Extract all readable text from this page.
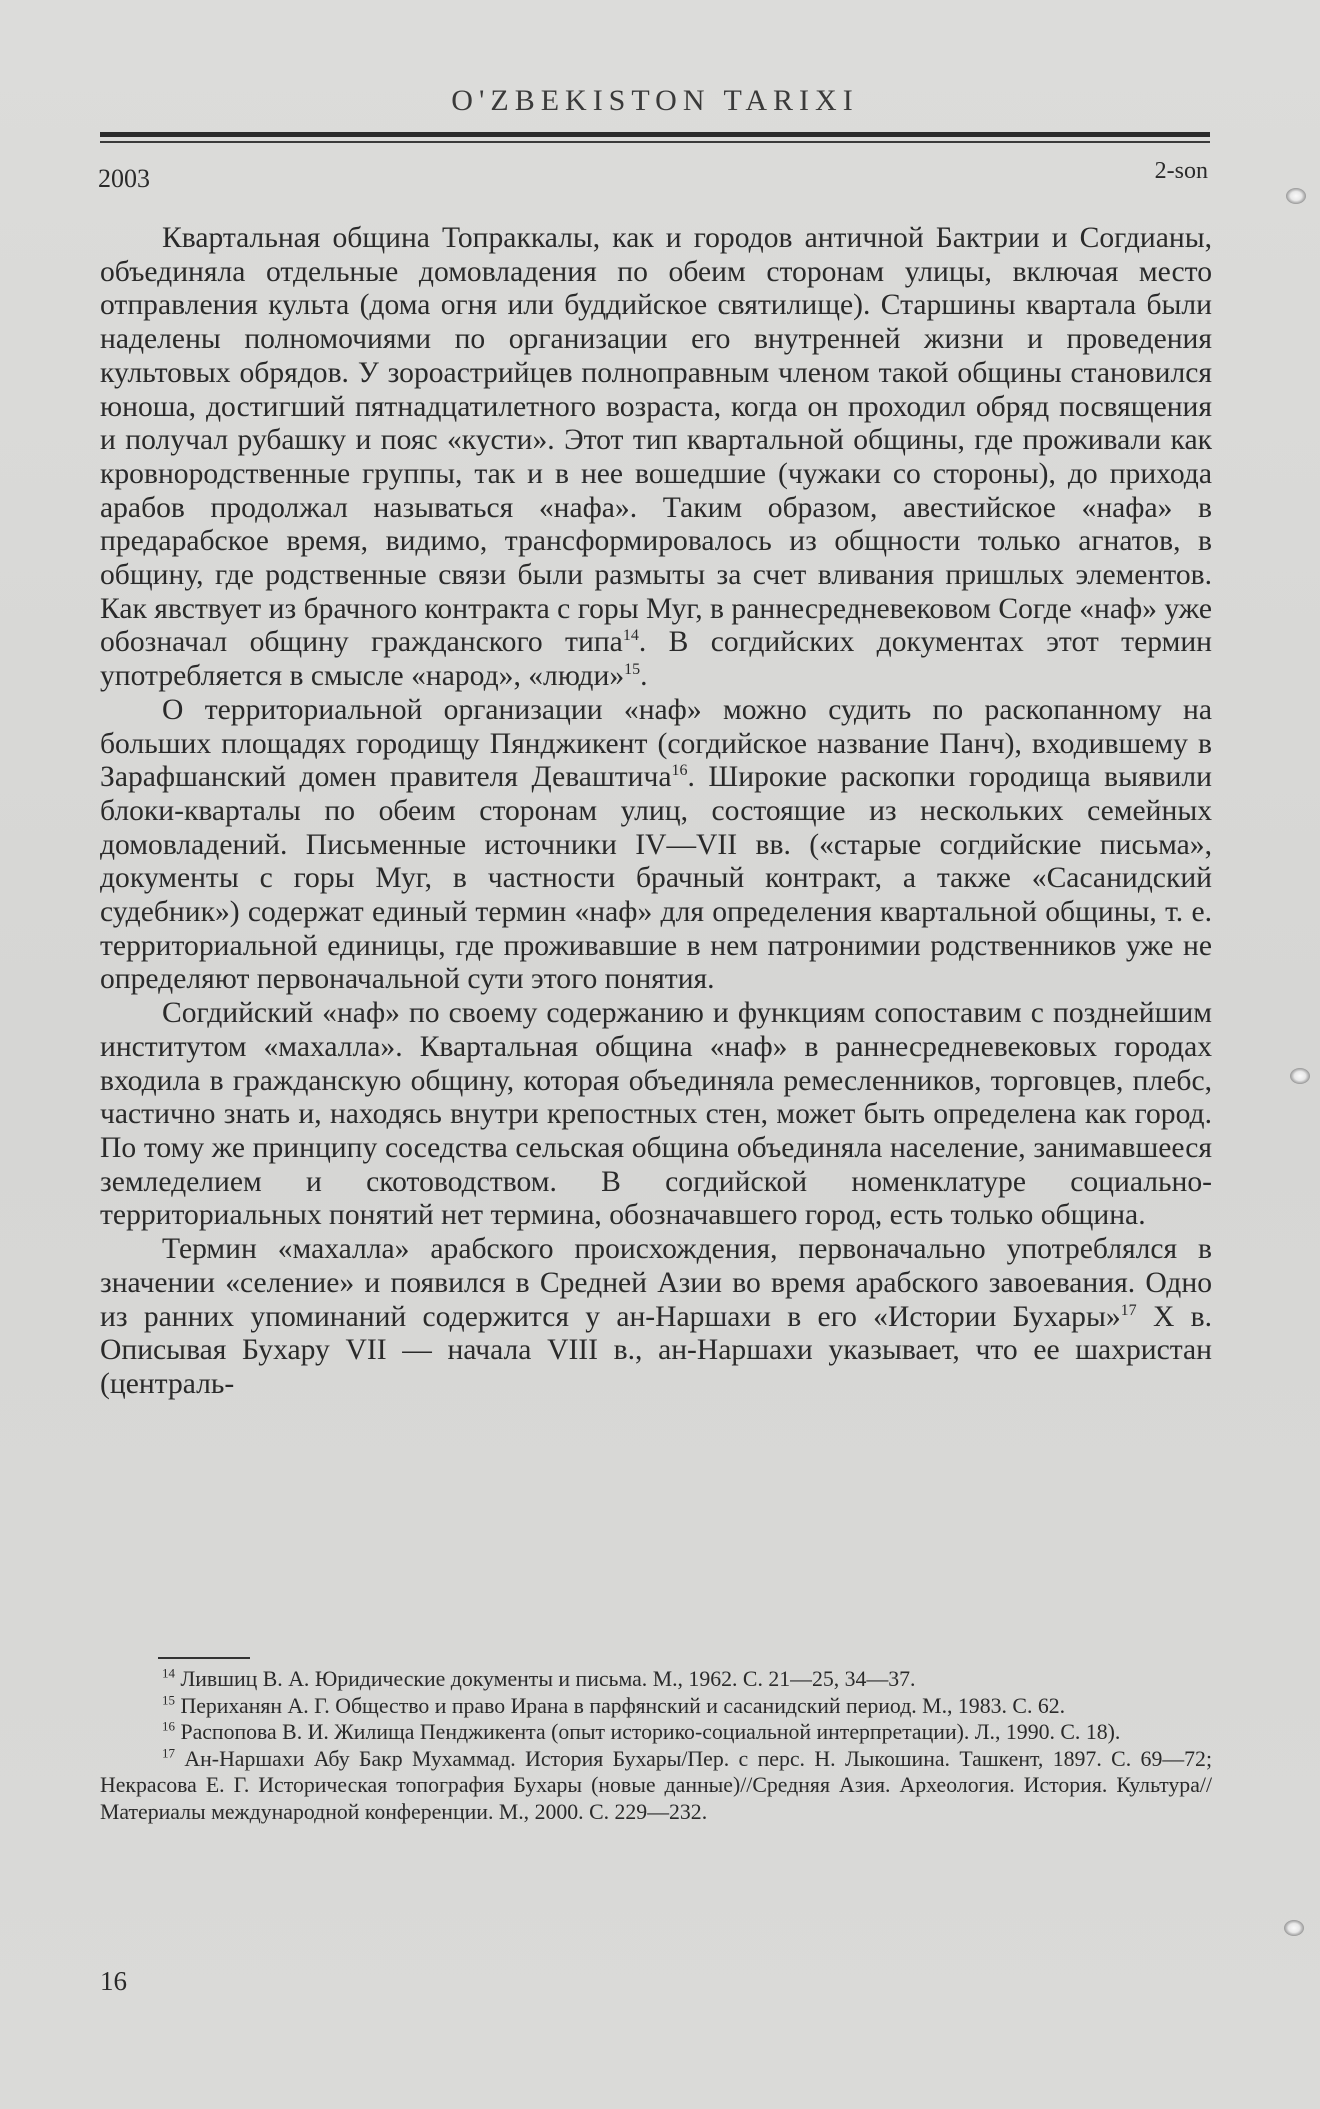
O'ZBEKISTON TARIXI
2003	2-son

Квартальная община Топраккалы, как и городов античной Бактрии и Согдианы, объединяла отдельные домовладения по обеим сторонам улицы, включая место отправления культа (дома огня или буддийское святилище). Старшины квартала были наделены полномочиями по организации его внутренней жизни и проведения культовых обрядов. У зороастрийцев полноправным членом такой общины становился юноша, достигший пятнадцатилетного возраста, когда он проходил обряд посвящения и получал рубашку и пояс «кусти». Этот тип квартальной общины, где проживали как кровнородственные группы, так и в нее вошедшие (чужаки со стороны), до прихода арабов продолжал называться «нафа». Таким образом, авестийское «нафа» в предарабское время, видимо, трансформировалось из общности только агнатов, в общину, где родственные связи были размыты за счет вливания пришлых элементов. Как явствует из брачного контракта с горы Муг, в раннесредневековом Согде «наф» уже обозначал общину гражданского типа$^{14}$. В согдийских документах этот термин употребляется в смысле «народ», «люди»$^{15}$.

О территориальной организации «наф» можно судить по раскопанному на больших площадях городищу Пянджикент (согдийское название Панч), входившему в Зарафшанский домен правителя Деваштича$^{16}$. Широкие раскопки городища выявили блоки-кварталы по обеим сторонам улиц, состоящие из нескольких семейных домовладений. Письменные источники IV—VII вв. («старые согдийские письма», документы с горы Муг, в частности брачный контракт, а также «Сасанидский судебник») содержат единый термин «наф» для определения квартальной общины, т. е. территориальной единицы, где проживавшие в нем патронимии родственников уже не определяют первоначальной сути этого понятия.

Согдийский «наф» по своему содержанию и функциям сопоставим с позднейшим институтом «махалла». Квартальная община «наф» в раннесредневековых городах входила в гражданскую общину, которая объединяла ремесленников, торговцев, плебс, частично знать и, находясь внутри крепостных стен, может быть определена как город. По тому же принципу соседства сельская община объединяла население, занимавшееся земледелием и скотоводством. В согдийской номенклатуре социально-территориальных понятий нет термина, обозначавшего город, есть только община.

Термин «махалла» арабского происхождения, первоначально употреблялся в значении «селение» и появился в Средней Азии во время арабского завоевания. Одно из ранних упоминаний содержится у ан-Наршахи в его «Истории Бухары»$^{17}$ X в. Описывая Бухару VII — начала VIII в., ан-Наршахи указывает, что ее шахристан (централь-

$^{14}$ Лившиц В. А. Юридические документы и письма. М., 1962. С. 21—25, 34—37.

$^{15}$ Периханян А. Г. Общество и право Ирана в парфянский и сасанидский период. М., 1983. С. 62.

$^{16}$ Распопова В. И. Жилища Пенджикента (опыт историко-социальной интерпретации). Л., 1990. С. 18).

$^{17}$ Ан-Наршахи Абу Бакр Мухаммад. История Бухары/Пер. с перс. Н. Лыкошина. Ташкент, 1897. С. 69—72; Некрасова Е. Г. Историческая топография Бухары (новые данные)//Средняя Азия. Археология. История. Культура//Материалы международной конференции. М., 2000. С. 229—232.

16
